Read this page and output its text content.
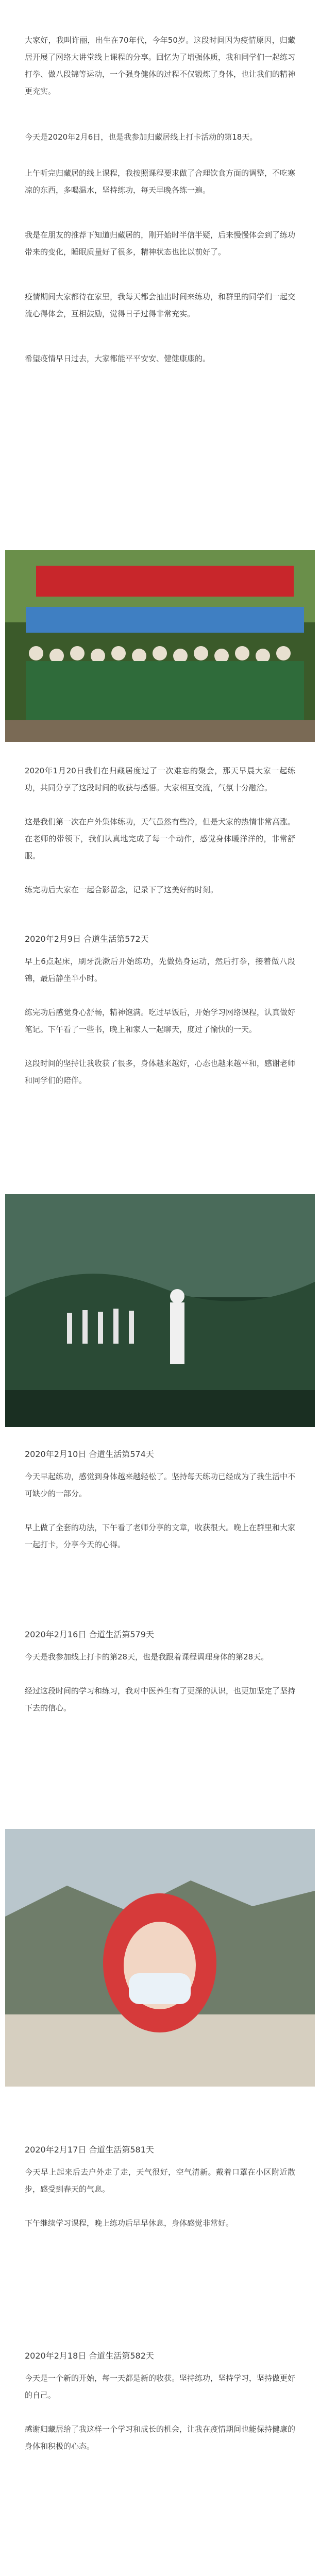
大家好，我叫许丽，出生在70年代，今年50岁。这段时间因为疫情原因，归藏居开展了网络大讲堂线上课程的分享。回忆为了增强体质，我和同学们一起练习打拳、做八段锦等运动，一个强身健体的过程不仅锻炼了身体，也让我们的精神更充实。
今天是2020年2月6日，也是我参加归藏居线上打卡活动的第18天。
上午听完归藏居的线上课程，我按照课程要求做了合理饮食方面的调整，不吃寒凉的东西，多喝温水，坚持练功，每天早晚各练一遍。
我是在朋友的推荐下知道归藏居的，刚开始时半信半疑，后来慢慢体会到了练功带来的变化，睡眠质量好了很多，精神状态也比以前好了。
疫情期间大家都待在家里，我每天都会抽出时间来练功，和群里的同学们一起交流心得体会，互相鼓励，觉得日子过得非常充实。
希望疫情早日过去，大家都能平平安安、健健康康的。
2020年1月20日我们在归藏居度过了一次难忘的聚会，那天早晨大家一起练功，共同分享了这段时间的收获与感悟。大家相互交流，气氛十分融洽。

这是我们第一次在户外集体练功，天气虽然有些冷，但是大家的热情非常高涨。在老师的带领下，我们认真地完成了每一个动作，感觉身体暖洋洋的，非常舒服。

练完功后大家在一起合影留念，记录下了这美好的时刻。
2020年2月9日 合道生活第572天
早上6点起床，刷牙洗漱后开始练功，先做热身运动，然后打拳，接着做八段锦，最后静坐半小时。

练完功后感觉身心舒畅，精神饱满。吃过早饭后，开始学习网络课程，认真做好笔记。下午看了一些书，晚上和家人一起聊天，度过了愉快的一天。

这段时间的坚持让我收获了很多，身体越来越好，心态也越来越平和，感谢老师和同学们的陪伴。
2020年2月10日 合道生活第574天
今天早起练功，感觉到身体越来越轻松了。坚持每天练功已经成为了我生活中不可缺少的一部分。

早上做了全套的功法，下午看了老师分享的文章，收获很大。晚上在群里和大家一起打卡，分享今天的心得。
2020年2月16日 合道生活第579天
今天是我参加线上打卡的第28天，也是我跟着课程调理身体的第28天。

经过这段时间的学习和练习，我对中医养生有了更深的认识，也更加坚定了坚持下去的信心。
2020年2月17日 合道生活第581天
今天早上起来后去户外走了走，天气很好，空气清新。戴着口罩在小区附近散步，感受到春天的气息。

下午继续学习课程，晚上练功后早早休息，身体感觉非常好。
2020年2月18日 合道生活第582天
今天是一个新的开始，每一天都是新的收获。坚持练功，坚持学习，坚持做更好的自己。

感谢归藏居给了我这样一个学习和成长的机会，让我在疫情期间也能保持健康的身体和积极的心态。
